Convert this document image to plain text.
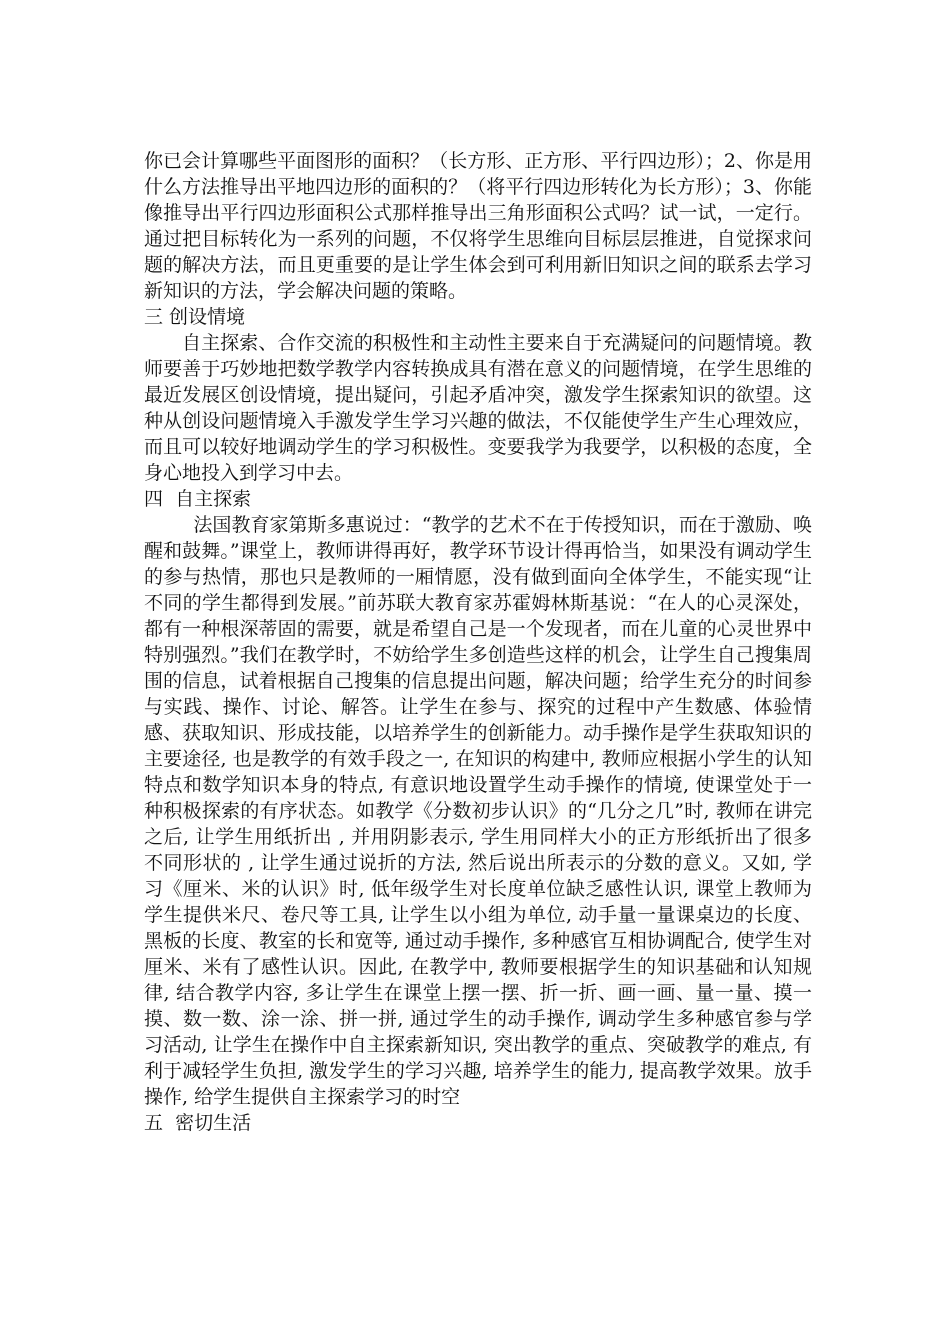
你已会计算哪些平面图形的面积？（长方形、正方形、平行四边形）；2、你是用什么方法推导出平地四边形的面积的？（将平行四边形转化为长方形）；3、你能像推导出平行四边形面积公式那样推导出三角形面积公式吗？试一试，一定行。通过把目标转化为一系列的问题，不仅将学生思维向目标层层推进，自觉探求问题的解决方法，而且更重要的是让学生体会到可利用新旧知识之间的联系去学习新知识的方法，学会解决问题的策略。

三 创设情境

自主探索、合作交流的积极性和主动性主要来自于充满疑问的问题情境。教师要善于巧妙地把数学教学内容转换成具有潜在意义的问题情境，在学生思维的最近发展区创设情境，提出疑问，引起矛盾冲突，激发学生探索知识的欲望。这种从创设问题情境入手激发学生学习兴趣的做法，不仅能使学生产生心理效应，而且可以较好地调动学生的学习积极性。变要我学为我要学，以积极的态度，全身心地投入到学习中去。

四  自主探索

法国教育家第斯多惠说过：“教学的艺术不在于传授知识，而在于激励、唤醒和鼓舞。”课堂上，教师讲得再好，教学环节设计得再恰当，如果没有调动学生的参与热情，那也只是教师的一厢情愿，没有做到面向全体学生，不能实现“让不同的学生都得到发展。”前苏联大教育家苏霍姆林斯基说：“在人的心灵深处，都有一种根深蒂固的需要，就是希望自己是一个发现者，而在儿童的心灵世界中特别强烈。”我们在教学时，不妨给学生多创造些这样的机会，让学生自己搜集周围的信息，试着根据自己搜集的信息提出问题，解决问题；给学生充分的时间参与实践、操作、讨论、解答。让学生在参与、探究的过程中产生数感、体验情感、获取知识、形成技能，以培养学生的创新能力。动手操作是学生获取知识的主要途径, 也是教学的有效手段之一, 在知识的构建中, 教师应根据小学生的认知特点和数学知识本身的特点, 有意识地设置学生动手操作的情境, 使课堂处于一种积极探索的有序状态。如教学《分数初步认识》的“几分之几”时, 教师在讲完之后, 让学生用纸折出 , 并用阴影表示, 学生用同样大小的正方形纸折出了很多不同形状的 , 让学生通过说折的方法, 然后说出所表示的分数的意义。又如, 学习《厘米、米的认识》时, 低年级学生对长度单位缺乏感性认识, 课堂上教师为学生提供米尺、卷尺等工具, 让学生以小组为单位, 动手量一量课桌边的长度、黑板的长度、教室的长和宽等, 通过动手操作, 多种感官互相协调配合, 使学生对厘米、米有了感性认识。因此, 在教学中, 教师要根据学生的知识基础和认知规律, 结合教学内容, 多让学生在课堂上摆一摆、折一折、画一画、量一量、摸一摸、数一数、涂一涂、拼一拼, 通过学生的动手操作, 调动学生多种感官参与学习活动, 让学生在操作中自主探索新知识, 突出教学的重点、突破教学的难点, 有利于减轻学生负担, 激发学生的学习兴趣, 培养学生的能力, 提高教学效果。放手操作, 给学生提供自主探索学习的时空

五  密切生活
